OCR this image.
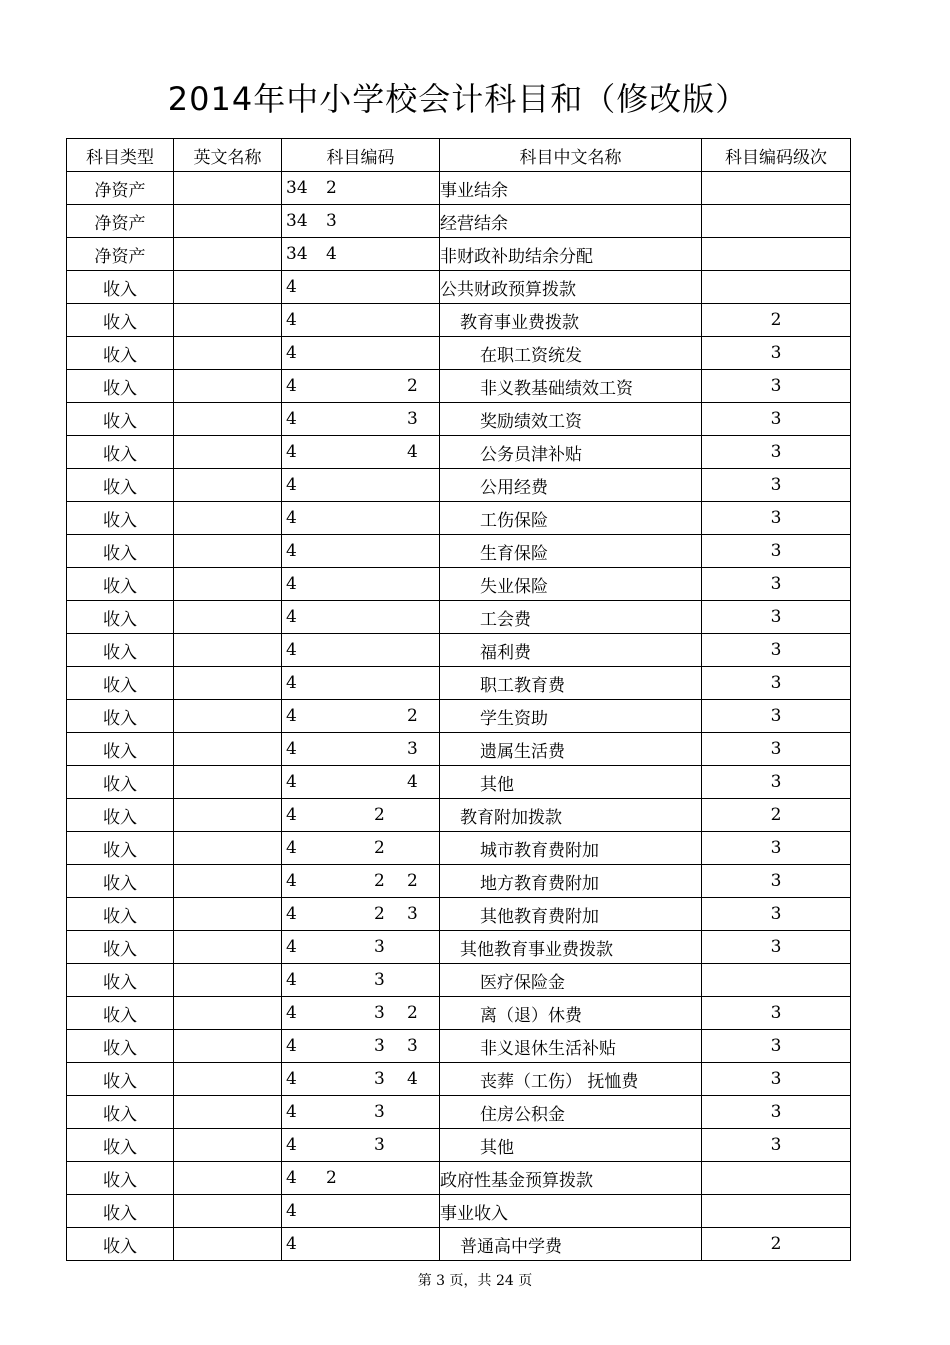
2014年中小学校会计科目和（修改版）
科目类型	英文名称	科目编码	科目中文名称	科目编码级次
净资产		34 2	事业结余	
净资产		34 3	经营结余	
净资产		34 4	非财政补助结余分配	
收入		4	公共财政预算拨款	
收入		4	教育事业费拨款	2
收入		4	在职工资统发	3
收入		4 2	非义教基础绩效工资	3
收入		4 3	奖励绩效工资	3
收入		4 4	公务员津补贴	3
收入		4	公用经费	3
收入		4	工伤保险	3
收入		4	生育保险	3
收入		4	失业保险	3
收入		4	工会费	3
收入		4	福利费	3
收入		4	职工教育费	3
收入		4 2	学生资助	3
收入		4 3	遗属生活费	3
收入		4 4	其他	3
收入		4 2	教育附加拨款	2
收入		4 2	城市教育费附加	3
收入		4 2 2	地方教育费附加	3
收入		4 2 3	其他教育费附加	3
收入		4 3	其他教育事业费拨款	3
收入		4 3	医疗保险金	
收入		4 3 2	离（退）休费	3
收入		4 3 3	非义退休生活补贴	3
收入		4 3 4	丧葬（工伤） 抚恤费	3
收入		4 3	住房公积金	3
收入		4 3	其他	3
收入		4 2	政府性基金预算拨款	
收入		4	事业收入	
收入		4	普通高中学费	2
第 3 页，共 24 页
